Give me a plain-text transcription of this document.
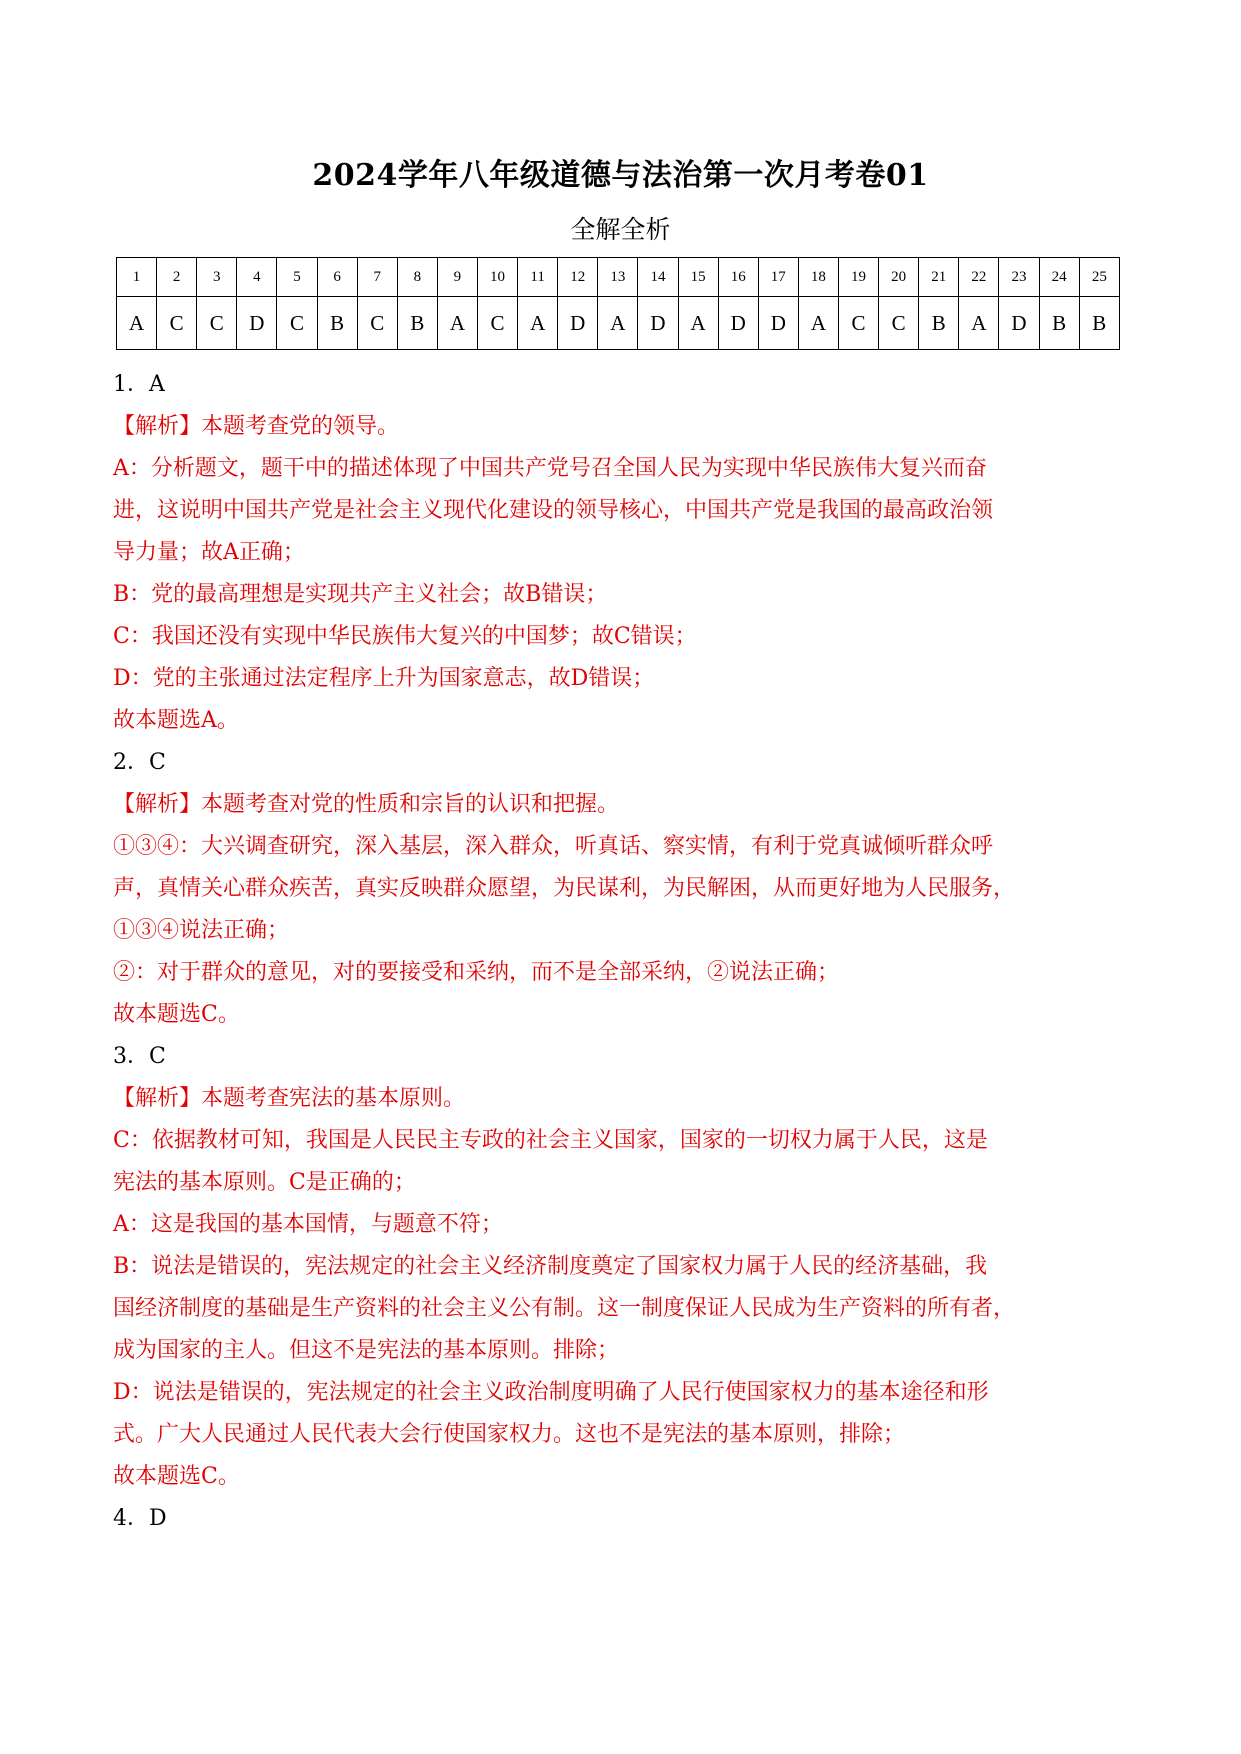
2024学年八年级道德与法治第一次月考卷01
全解全析
1	2	3	4	5	6	7	8	9	10	11	12	13	14	15	16	17	18	19	20	21	22	23	24	25
A	C	C	D	C	B	C	B	A	C	A	D	A	D	A	D	D	A	C	C	B	A	D	B	B
1．A
【解析】本题考查党的领导。
A：分析题文，题干中的描述体现了中国共产党号召全国人民为实现中华民族伟大复兴而奋
进，这说明中国共产党是社会主义现代化建设的领导核心，中国共产党是我国的最高政治领
导力量；故A正确；
B：党的最高理想是实现共产主义社会；故B错误；
C：我国还没有实现中华民族伟大复兴的中国梦；故C错误；
D：党的主张通过法定程序上升为国家意志，故D错误；
故本题选A。
2．C
【解析】本题考查对党的性质和宗旨的认识和把握。
①③④：大兴调查研究，深入基层，深入群众，听真话、察实情，有利于党真诚倾听群众呼
声，真情关心群众疾苦，真实反映群众愿望，为民谋利，为民解困，从而更好地为人民服务，
①③④说法正确；
②：对于群众的意见，对的要接受和采纳，而不是全部采纳，②说法正确；
故本题选C。
3．C
【解析】本题考查宪法的基本原则。
C：依据教材可知，我国是人民民主专政的社会主义国家，国家的一切权力属于人民，这是
宪法的基本原则。C是正确的；
A：这是我国的基本国情，与题意不符；
B：说法是错误的，宪法规定的社会主义经济制度奠定了国家权力属于人民的经济基础，我
国经济制度的基础是生产资料的社会主义公有制。这一制度保证人民成为生产资料的所有者，
成为国家的主人。但这不是宪法的基本原则。排除；
D：说法是错误的，宪法规定的社会主义政治制度明确了人民行使国家权力的基本途径和形
式。广大人民通过人民代表大会行使国家权力。这也不是宪法的基本原则，排除；
故本题选C。
4．D
